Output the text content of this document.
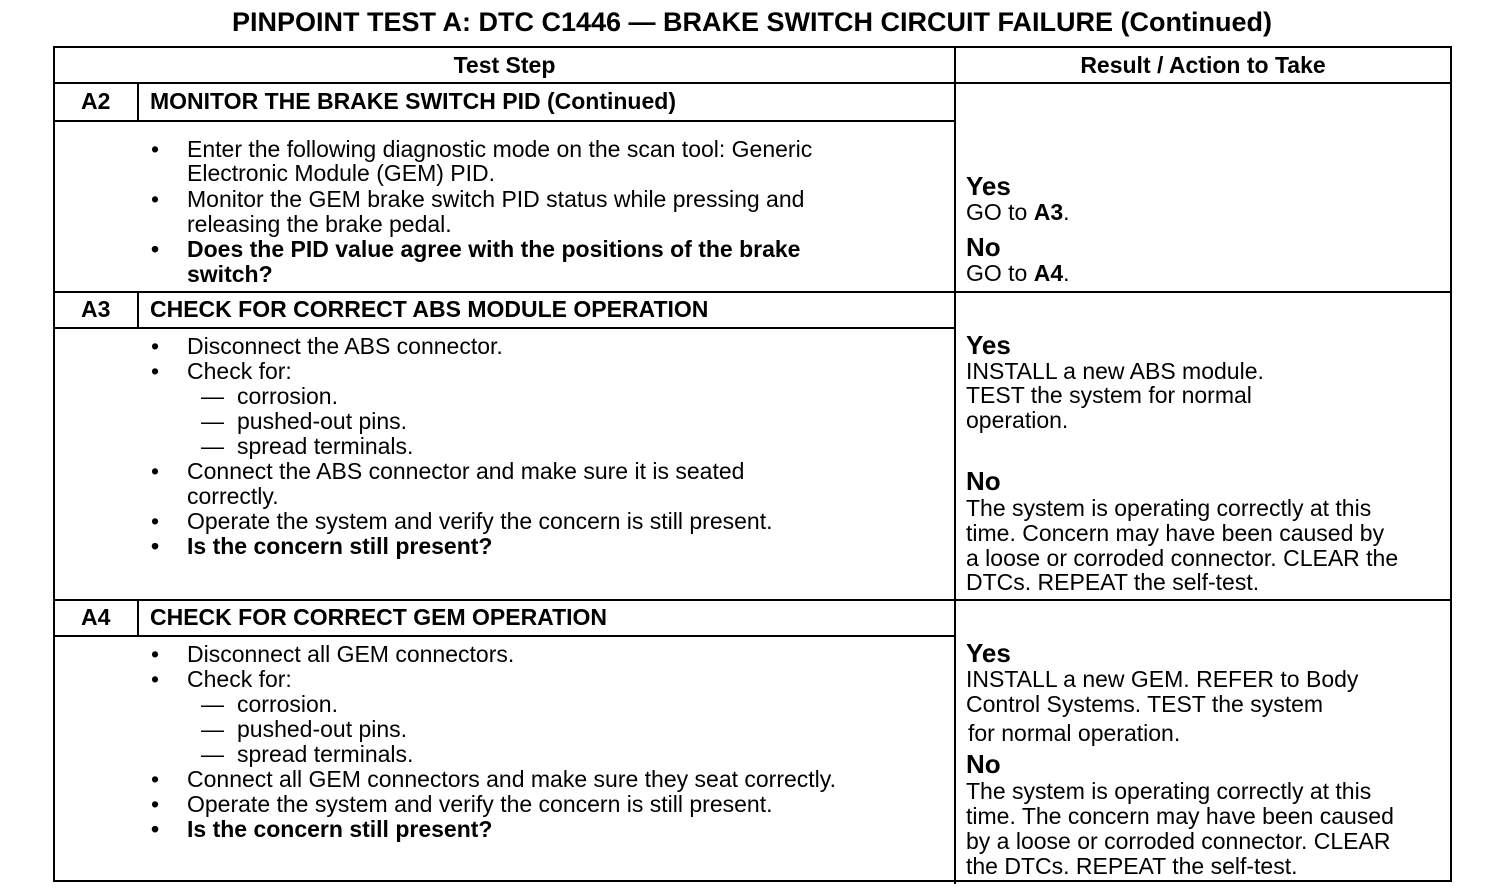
PINPOINT TEST A: DTC C1446 — BRAKE SWITCH CIRCUIT FAILURE (Continued)
Test Step	Result / Action to Take
A2 MONITOR THE BRAKE SWITCH PID (Continued)
• Enter the following diagnostic mode on the scan tool: Generic
Electronic Module (GEM) PID.
• Monitor the GEM brake switch PID status while pressing and
releasing the brake pedal.
• Does the PID value agree with the positions of the brake
switch?
Yes
GO to A3.
No
GO to A4.
A3 CHECK FOR CORRECT ABS MODULE OPERATION
• Disconnect the ABS connector.
• Check for:
— corrosion.
— pushed-out pins.
— spread terminals.
• Connect the ABS connector and make sure it is seated
correctly.
• Operate the system and verify the concern is still present.
• Is the concern still present?
Yes
INSTALL a new ABS module.
TEST the system for normal
operation.
No
The system is operating correctly at this
time. Concern may have been caused by
a loose or corroded connector. CLEAR the
DTCs. REPEAT the self-test.
A4 CHECK FOR CORRECT GEM OPERATION
• Disconnect all GEM connectors.
• Check for:
— corrosion.
— pushed-out pins.
— spread terminals.
• Connect all GEM connectors and make sure they seat correctly.
• Operate the system and verify the concern is still present.
• Is the concern still present?
Yes
INSTALL a new GEM. REFER to Body
Control Systems. TEST the system
for normal operation.
No
The system is operating correctly at this
time. The concern may have been caused
by a loose or corroded connector. CLEAR
the DTCs. REPEAT the self-test.
